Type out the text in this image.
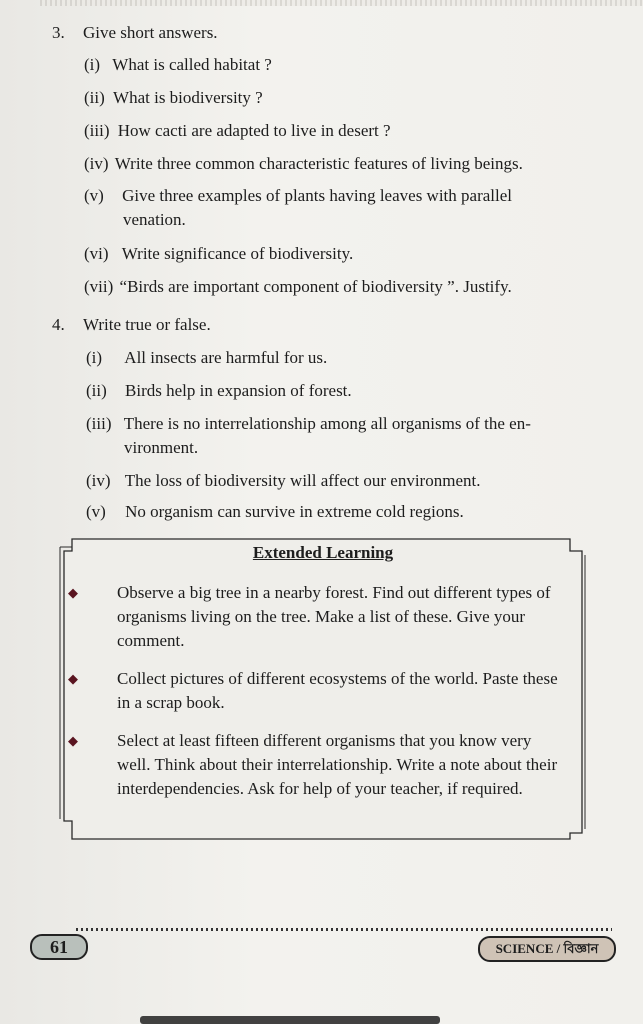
3. Give short answers.
(i) What is called habitat ?
(ii) What is biodiversity ?
(iii) How cacti are adapted to live in desert ?
(iv) Write three common characteristic features of living beings.
(v) Give three examples of plants having leaves with parallel
venation.
(vi) Write significance of biodiversity.
(vii) “Birds are important component of biodiversity ”. Justify.
4. Write true or false.
(i) All insects are harmful for us.
(ii) Birds help in expansion of forest.
(iii) There is no interrelationship among all organisms of the en-
vironment.
(iv) The loss of biodiversity will affect our environment.
(v) No organism can survive in extreme cold regions.
Extended Learning
◆ Observe a big tree in a nearby forest. Find out different types of organisms living on the tree. Make a list of these. Give your comment.
◆ Collect pictures of different ecosystems of the world. Paste these in a scrap book.
◆ Select at least fifteen different organisms that you know very well. Think about their interrelationship. Write a note about their interdependencies. Ask for help of your teacher, if required.
61	SCIENCE / বিজ্ঞান
